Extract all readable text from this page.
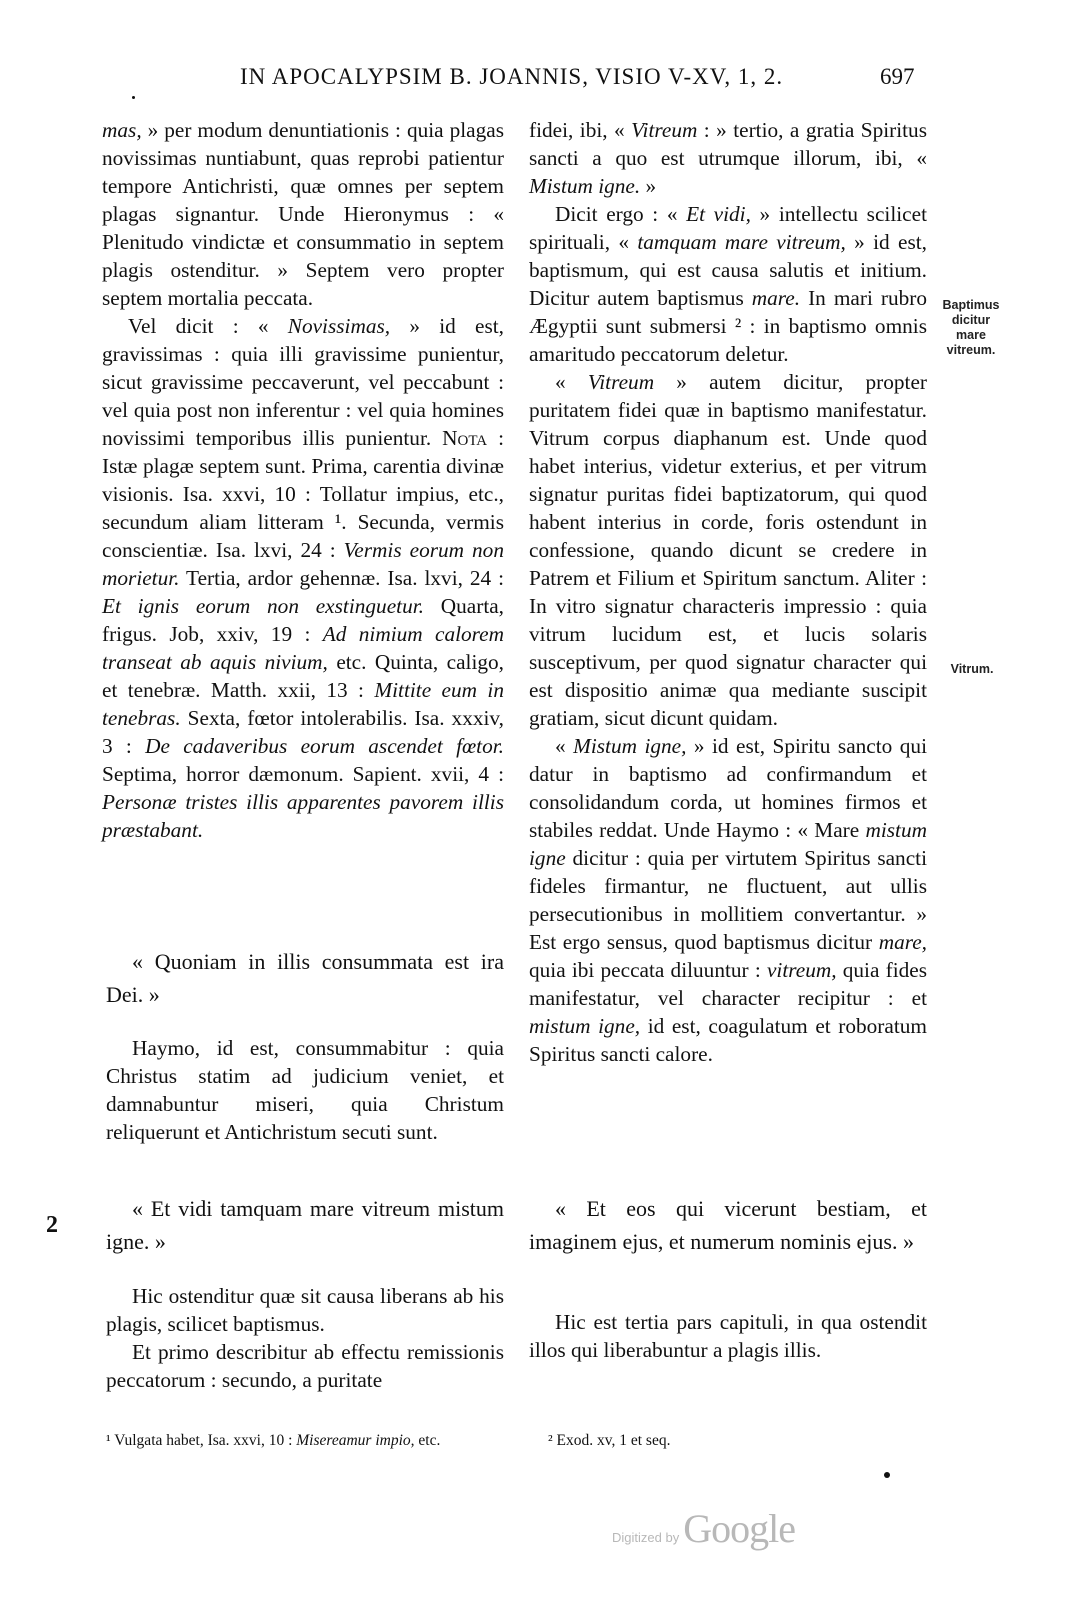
IN APOCALYPSIM B. JOANNIS, VISIO V-XV, 1, 2.	697

mas, » per modum denuntiationis : quia plagas novissimas nuntiabunt, quas reprobi patientur tempore Antichristi, quæ omnes per septem plagas signantur. Unde Hieronymus : « Plenitudo vindictæ et consummatio in septem plagis ostenditur. » Septem vero propter septem mortalia peccata.

Vel dicit : « Novissimas, » id est, gravissimas : quia illi gravissime punientur, sicut gravissime peccaverunt, vel peccabunt : vel quia post non inferentur : vel quia homines novissimi temporibus illis punientur. Nota : Istæ plagæ septem sunt. Prima, carentia divinæ visionis. Isa. xxvi, 10 : Tollatur impius, etc., secundum aliam litteram ¹. Secunda, vermis conscientiæ. Isa. lxvi, 24 : Vermis eorum non morietur. Tertia, ardor gehennæ. Isa. lxvi, 24 : Et ignis eorum non exstinguetur. Quarta, frigus. Job, xxiv, 19 : Ad nimium calorem transeat ab aquis nivium, etc. Quinta, caligo, et tenebræ. Matth. xxii, 13 : Mittite eum in tenebras. Sexta, fœtor intolerabilis. Isa. xxxiv, 3 : De cadaveribus eorum ascendet fœtor. Septima, horror dæmonum. Sapient. xvii, 4 : Personæ tristes illis apparentes pavorem illis præstabant.

« Quoniam in illis consummata est ira Dei. »

Haymo, id est, consummabitur : quia Christus statim ad judicium veniet, et damnabuntur miseri, quia Christum reliquerunt et Antichristum secuti sunt.

2

« Et vidi tamquam mare vitreum mistum igne. »

Hic ostenditur quæ sit causa liberans ab his plagis, scilicet baptismus.

Et primo describitur ab effectu remissionis peccatorum : secundo, a puritate

fidei, ibi, « Vitreum : » tertio, a gratia Spiritus sancti a quo est utrumque illorum, ibi, « Mistum igne. »

Dicit ergo : « Et vidi, » intellectu scilicet spirituali, « tamquam mare vitreum, » id est, baptismum, qui est causa salutis et initium. Dicitur autem baptismus mare. In mari rubro Ægyptii sunt submersi ² : in baptismo omnis amaritudo peccatorum deletur.

« Vitreum » autem dicitur, propter puritatem fidei quæ in baptismo manifestatur. Vitrum corpus diaphanum est. Unde quod habet interius, videtur exterius, et per vitrum signatur puritas fidei baptizatorum, qui quod habent interius in corde, foris ostendunt in confessione, quando dicunt se credere in Patrem et Filium et Spiritum sanctum. Aliter : In vitro signatur characteris impressio : quia vitrum lucidum est, et lucis solaris susceptivum, per quod signatur character qui est dispositio animæ qua mediante suscipit gratiam, sicut dicunt quidam.

« Mistum igne, » id est, Spiritu sancto qui datur in baptismo ad confirmandum et consolidandum corda, ut homines firmos et stabiles reddat. Unde Haymo : « Mare mistum igne dicitur : quia per virtutem Spiritus sancti fideles firmantur, ne fluctuent, aut ullis persecutionibus in mollitiem convertantur. » Est ergo sensus, quod baptismus dicitur mare, quia ibi peccata diluuntur : vitreum, quia fides manifestatur, vel character recipitur : et mistum igne, id est, coagulatum et roboratum Spiritus sancti calore.

« Et eos qui vicerunt bestiam, et imaginem ejus, et numerum nominis ejus. »

Hic est tertia pars capituli, in qua ostendit illos qui liberabuntur a plagis illis.

Baptimus dicitur mare vitreum.
Vitrum.
¹ Vulgata habet, Isa. xxvi, 10 : Misereamur impio, etc.	² Exod. xv, 1 et seq.
Digitized by Google
